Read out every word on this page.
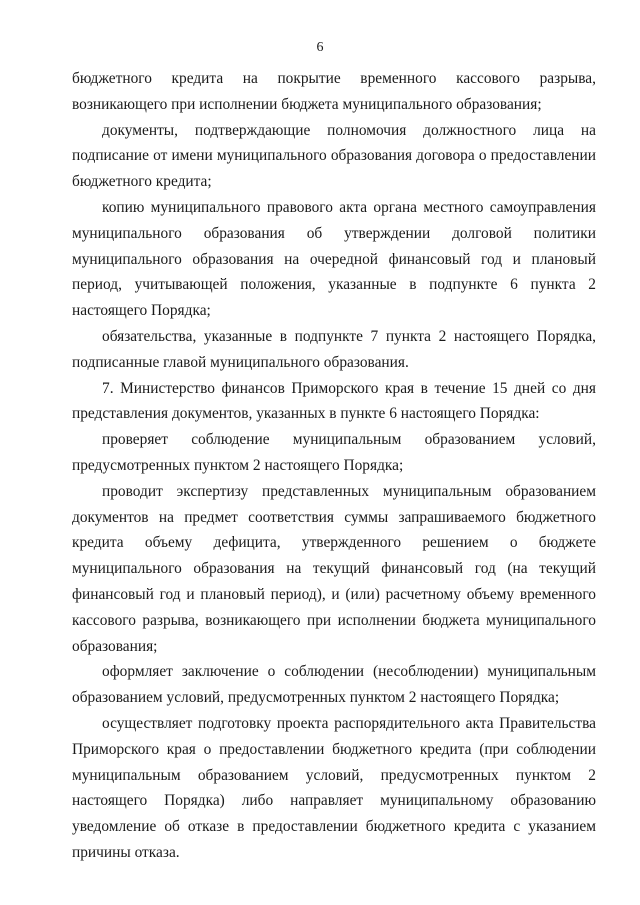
6

бюджетного кредита на покрытие временного кассового разрыва, возникающего при исполнении бюджета муниципального образования;

документы, подтверждающие полномочия должностного лица на подписание от имени муниципального образования договора о предоставлении бюджетного кредита;

копию муниципального правового акта органа местного самоуправления муниципального образования об утверждении долговой политики муниципального образования на очередной финансовый год и плановый период, учитывающей положения, указанные в подпункте 6 пункта 2 настоящего Порядка;

обязательства, указанные в подпункте 7 пункта 2 настоящего Порядка, подписанные главой муниципального образования.

7. Министерство финансов Приморского края в течение 15 дней со дня представления документов, указанных в пункте 6 настоящего Порядка:

проверяет соблюдение муниципальным образованием условий, предусмотренных пунктом 2 настоящего Порядка;

проводит экспертизу представленных муниципальным образованием документов на предмет соответствия суммы запрашиваемого бюджетного кредита объему дефицита, утвержденного решением о бюджете муниципального образования на текущий финансовый год (на текущий финансовый год и плановый период), и (или) расчетному объему временного кассового разрыва, возникающего при исполнении бюджета муниципального образования;

оформляет заключение о соблюдении (несоблюдении) муниципальным образованием условий, предусмотренных пунктом 2 настоящего Порядка;

осуществляет подготовку проекта распорядительного акта Правительства Приморского края о предоставлении бюджетного кредита (при соблюдении муниципальным образованием условий, предусмотренных пунктом 2 настоящего Порядка) либо направляет муниципальному образованию уведомление об отказе в предоставлении бюджетного кредита с указанием причины отказа.
